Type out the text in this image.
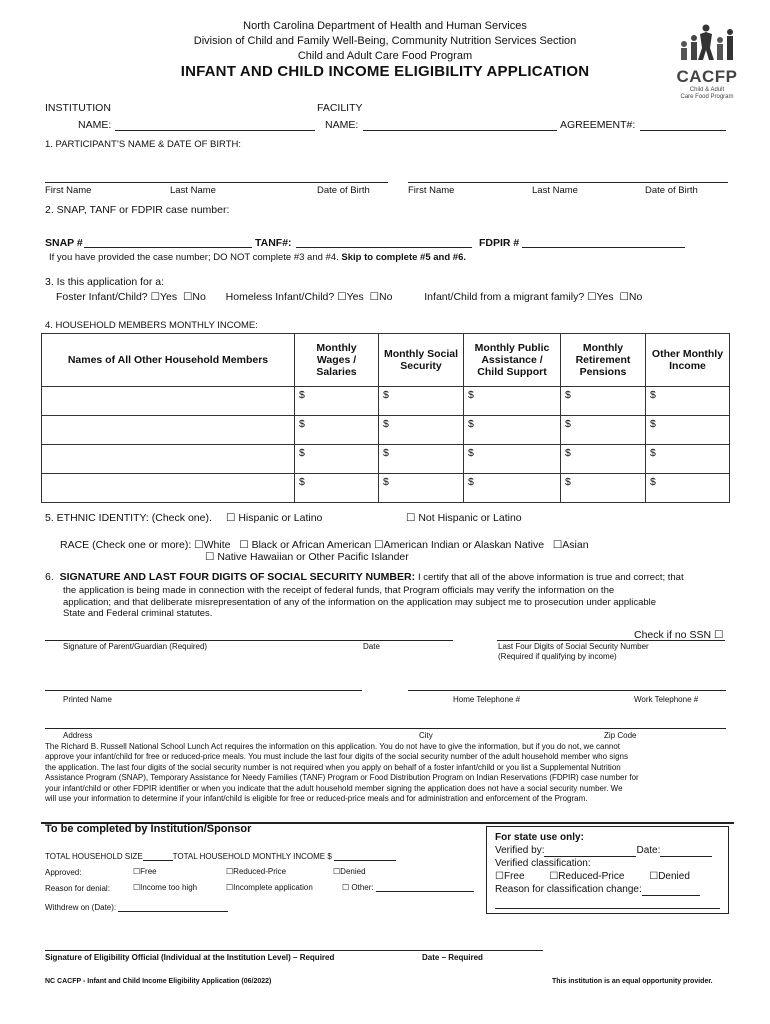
North Carolina Department of Health and Human Services
Division of Child and Family Well-Being, Community Nutrition Services Section
Child and Adult Care Food Program
INFANT AND CHILD INCOME ELIGIBILITY APPLICATION	CACFP
Child & Adult
Care Food Program
INSTITUTION
NAME:
FACILITY
NAME:	AGREEMENT#:
1. PARTICIPANT’S NAME & DATE OF BIRTH:
First Name	Last Name	Date of Birth	First Name	Last Name	Date of Birth
2. SNAP, TANF or FDPIR case number:
SNAP #	TANF#:	FDPIR #
If you have provided the case number; DO NOT complete #3 and #4. Skip to complete #5 and #6.
3. Is this application for a:
Foster Infant/Child? ☐ Yes ☐ No Homeless Infant/Child? ☐ Yes ☐ No	Infant/Child from a migrant family? ☐ Yes ☐ No
4. HOUSEHOLD MEMBERS MONTHLY INCOME:
Names of All Other Household Members	Monthly Wages / Salaries	Monthly Social Security	Monthly Public Assistance / Child Support	Monthly Retirement Pensions	Other Monthly Income
	$	$	$	$	$
	$	$	$	$	$
	$	$	$	$	$
	$	$	$	$	$
5. ETHNIC IDENTITY: (Check one). ☐	Hispanic or Latino ☐	Not Hispanic or Latino
RACE (Check one or more): ☐ White ☐ Black or African American ☐ American Indian or Alaskan Native ☐ Asian
☐ Native Hawaiian or Other Pacific Islander
6. SIGNATURE AND LAST FOUR DIGITS OF SOCIAL SECURITY NUMBER: I certify that all of the above information is true and correct; that
the application is being made in connection with the receipt of federal funds, that Program officials may verify the information on the
application; and that deliberate misrepresentation of any of the information on the application may subject me to prosecution under applicable
State and Federal criminal statutes.
Check if no SSN ☐
Signature of Parent/Guardian (Required)	Date	Last Four Digits of Social Security Number
(Required if qualifying by income)
Printed Name	Home Telephone #	Work Telephone #
Address	City	Zip Code
The Richard B. Russell National School Lunch Act requires the information on this application. You do not have to give the information, but if you do not, we cannot
approve your infant/child for free or reduced-price meals. You must include the last four digits of the social security number of the adult household member who signs
the application. The last four digits of the social security number is not required when you apply on behalf of a foster infant/child or you list a Supplemental Nutrition
Assistance Program (SNAP), Temporary Assistance for Needy Families (TANF) Program or Food Distribution Program on Indian Reservations (FDPIR) case number for
your infant/child or other FDPIR identifier or when you indicate that the adult household member signing the application does not have a social security number. We
will use your information to determine if your infant/child is eligible for free or reduced-price meals and for administration and enforcement of the Program.
To be completed by Institution/Sponsor
TOTAL HOUSEHOLD SIZE	TOTAL HOUSEHOLD MONTHLY INCOME $
Approved: ☐	Free ☐	Reduced-Price ☐	Denied
Reason for denial: ☐	Income too high ☐	Incomplete application ☐	Other:
Withdrew on (Date):
For state use only:
Verified by:	Date:
Verified classification:
☐ Free ☐	Reduced-Price ☐	Denied
Reason for classification change:
Signature of Eligibility Official (Individual at the Institution Level) – Required	Date – Required
NC CACFP - Infant and Child Income Eligibility Application (06/2022)	This institution is an equal opportunity provider.
